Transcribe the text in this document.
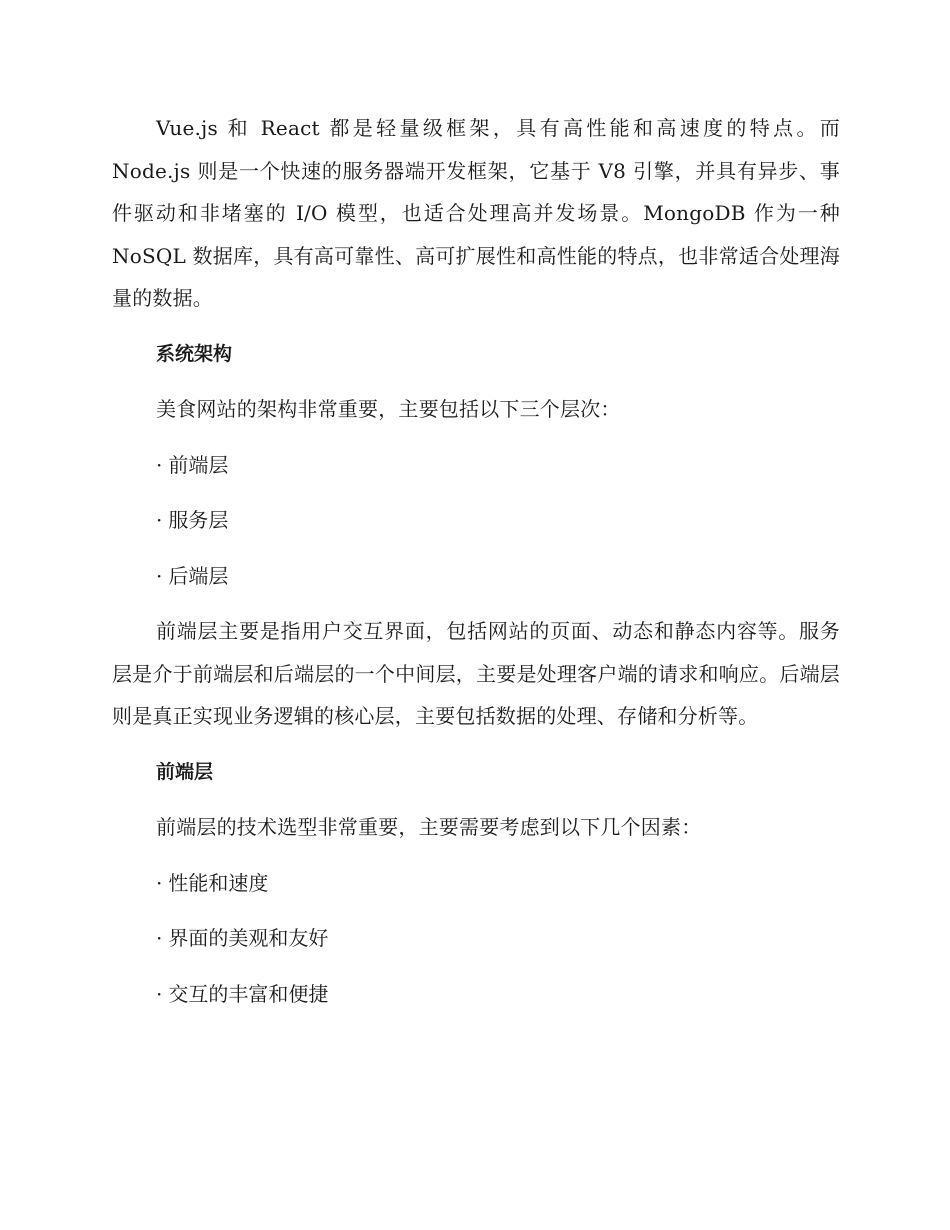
Vue.js 和 React 都是轻量级框架，具有高性能和高速度的特点。而 Node.js 则是一个快速的服务器端开发框架，它基于 V8 引擎，并具有异步、事件驱动和非堵塞的 I/O 模型，也适合处理高并发场景。MongoDB 作为一种 NoSQL 数据库，具有高可靠性、高可扩展性和高性能的特点，也非常适合处理海量的数据。

系统架构

美食网站的架构非常重要，主要包括以下三个层次：

· 前端层
· 服务层
· 后端层

前端层主要是指用户交互界面，包括网站的页面、动态和静态内容等。服务层是介于前端层和后端层的一个中间层，主要是处理客户端的请求和响应。后端层则是真正实现业务逻辑的核心层，主要包括数据的处理、存储和分析等。

前端层

前端层的技术选型非常重要，主要需要考虑到以下几个因素：

· 性能和速度
· 界面的美观和友好
· 交互的丰富和便捷
